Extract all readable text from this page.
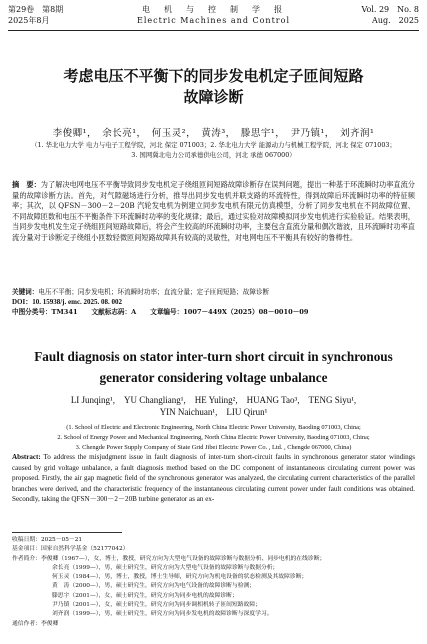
第29卷　第8期
2025年8月
电　机　与　控　制　学　报
Electric Machines and Control
Vol. 29　No. 8
Aug.　2025
考虑电压不平衡下的同步发电机定子匝间短路
故障诊断
李俊卿¹，　余长亮¹，　何玉灵²，　黄涛³，　滕思宇¹，　尹乃镇¹，　刘齐润¹
（1. 华北电力大学 电力与电子工程学院，河北 保定 071003；2. 华北电力大学 能源动力与机械工程学院，河北 保定 071003；
3. 国网冀北电力公司承德供电公司，河北 承德 067000）
摘　要：为了解决电网电压不平衡导致同步发电机定子绕组匝间短路故障诊断存在误判问题，提出一种基于环流瞬时功率直流分量的故障诊断方法。首先，对气隙磁场进行分析，推导出同步发电机并联支路的环流特性，得到故障后环流瞬时功率的特征频率；其次，以 QFSN－300－2－20B 汽轮发电机为例建立同步发电机有限元仿真模型，分析了同步发电机在不同故障位置、不同故障匝数和电压不平衡条件下环流瞬时功率的变化规律；最后，通过实验对故障模拟同步发电机进行实验验证。结果表明，当同步发电机发生定子绕组匝间短路故障后，将会产生较高的环流瞬时功率，主要包含直流分量和偶次谐波，且环流瞬时功率直流分量对于诊断定子绕组小匝数轻微匝间短路故障具有较高的灵敏性，对电网电压不平衡具有较好的鲁棒性。
关键词：电压不平衡；同步发电机；环流瞬时功率；直流分量；定子匝间短路；故障诊断
DOI：10. 15938/j. emc. 2025. 08. 002
中图分类号：TM341 文献标志码：A 文章编号：1007－449X（2025）08－0010－09
Fault diagnosis on stator inter-turn short circuit in synchronous
generator considering voltage unbalance
LI Junqing¹,　YU Changliang¹,　HE Yuling²,　HUANG Tao³,　TENG Siyu¹,
YIN Naichuan¹,　LIU Qirun¹
(1. School of Electric and Electronic Engineering, North China Electric Power University, Baoding 071003, China;
2. School of Energy Power and Mechanical Engineering, North China Electric Power University, Baoding 071003, China;
3. Chengde Power Supply Company of State Grid Jibei Electric Power Co. , Ltd. , Chengde 067000, China)
Abstract: To address the misjudgment issue in fault diagnosis of inter-turn short-circuit faults in synchronous generator stator windings caused by grid voltage unbalance, a fault diagnosis method based on the DC component of instantaneous circulating current power was proposed. Firstly, the air gap magnetic field of the synchronous generator was analyzed, the circulating current characteristics of the parallel branches were derived, and the characteristic frequency of the instantaneous circulating current power under fault conditions was obtained. Secondly, taking the QFSN－300－2－20B turbine generator as an ex-
收稿日期：2025－05－21
基金项目：国家自然科学基金（52177042）
作者简介：李俊卿（1967—），女，博士，教授，研究方向为大型电气设备的故障诊断与数据分析、同步电机的在线诊断；
余长亮（1999—），男，硕士研究生，研究方向为大型电气设备的故障诊断与数据分析；
何玉灵（1984—），男，博士，教授，博士生导师，研究方向为机电设备的状态检测及其故障诊断；
黄　涛（2000—），男，硕士研究生，研究方向为电气设备的故障诊断与检测；
滕思宇（2001—），女，硕士研究生，研究方向为同步电机的故障诊断；
尹乃镇（2001—），女，硕士研究生，研究方向为同步调相机转子匝间短路故障；
刘齐润（1999—），男，硕士研究生，研究方向为同步发电机的故障诊断与深度学习。
通信作者：李俊卿
